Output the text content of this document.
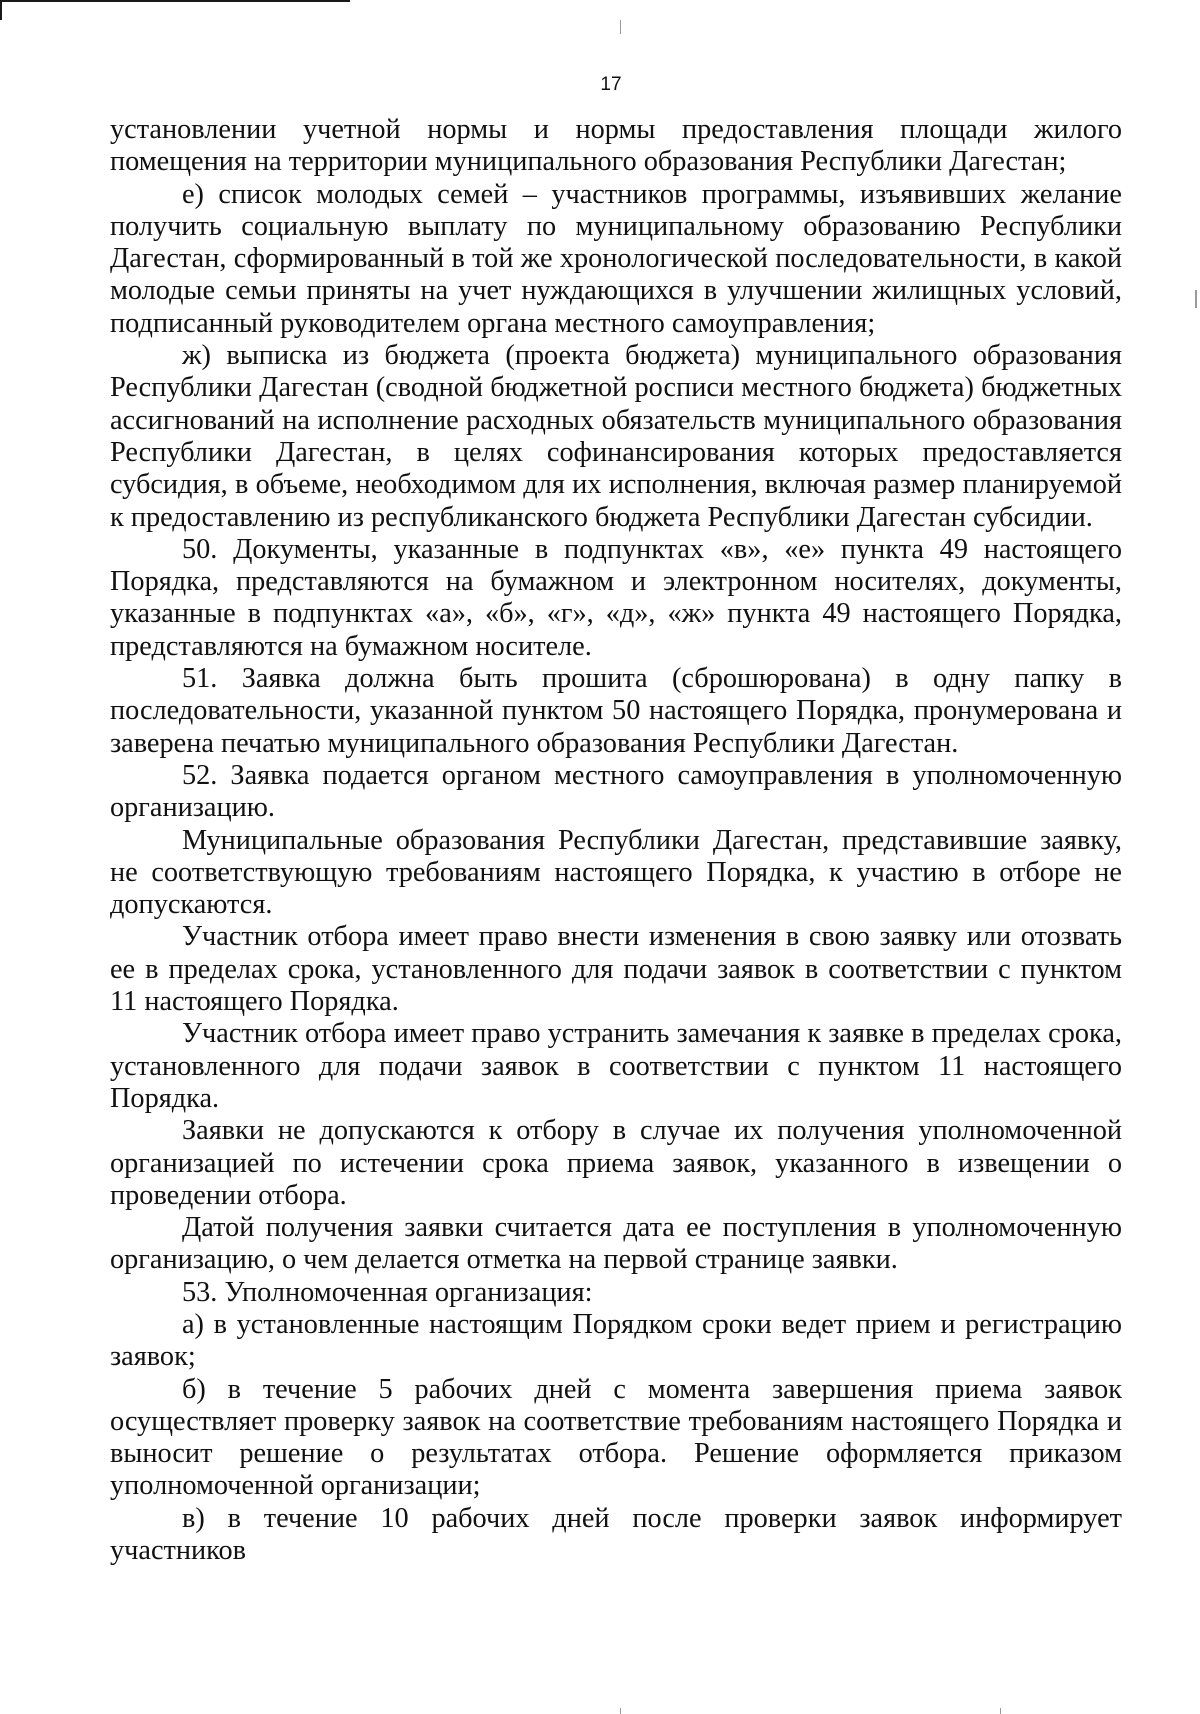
17

установлении учетной нормы и нормы предоставления площади жилого помещения на территории муниципального образования Республики Дагестан;

е) список молодых семей – участников программы, изъявивших желание получить социальную выплату по муниципальному образованию Республики Дагестан, сформированный в той же хронологической последовательности, в какой молодые семьи приняты на учет нуждающихся в улучшении жилищных условий, подписанный руководителем органа местного самоуправления;

ж) выписка из бюджета (проекта бюджета) муниципального образования Республики Дагестан (сводной бюджетной росписи местного бюджета) бюджетных ассигнований на исполнение расходных обязательств муниципального образования Республики Дагестан, в целях софинансирования которых предоставляется субсидия, в объеме, необходимом для их исполнения, включая размер планируемой к предоставлению из республиканского бюджета Республики Дагестан субсидии.

50. Документы, указанные в подпунктах «в», «е» пункта 49 настоящего Порядка, представляются на бумажном и электронном носителях, документы, указанные в подпунктах «а», «б», «г», «д», «ж» пункта 49 настоящего Порядка, представляются на бумажном носителе.

51. Заявка должна быть прошита (сброшюрована) в одну папку в последовательности, указанной пунктом 50 настоящего Порядка, пронумерована и заверена печатью муниципального образования Республики Дагестан.

52. Заявка подается органом местного самоуправления в уполномоченную организацию.

Муниципальные образования Республики Дагестан, представившие заявку, не соответствующую требованиям настоящего Порядка, к участию в отборе не допускаются.

Участник отбора имеет право внести изменения в свою заявку или отозвать ее в пределах срока, установленного для подачи заявок в соответствии с пунктом 11 настоящего Порядка.

Участник отбора имеет право устранить замечания к заявке в пределах срока, установленного для подачи заявок в соответствии с пунктом 11 настоящего Порядка.

Заявки не допускаются к отбору в случае их получения уполномоченной организацией по истечении срока приема заявок, указанного в извещении о проведении отбора.

Датой получения заявки считается дата ее поступления в уполномоченную организацию, о чем делается отметка на первой странице заявки.

53. Уполномоченная организация:

а) в установленные настоящим Порядком сроки ведет прием и регистрацию заявок;

б) в течение 5 рабочих дней с момента завершения приема заявок осуществляет проверку заявок на соответствие требованиям настоящего Порядка и выносит решение о результатах отбора. Решение оформляется приказом уполномоченной организации;

в) в течение 10 рабочих дней после проверки заявок информирует участников
